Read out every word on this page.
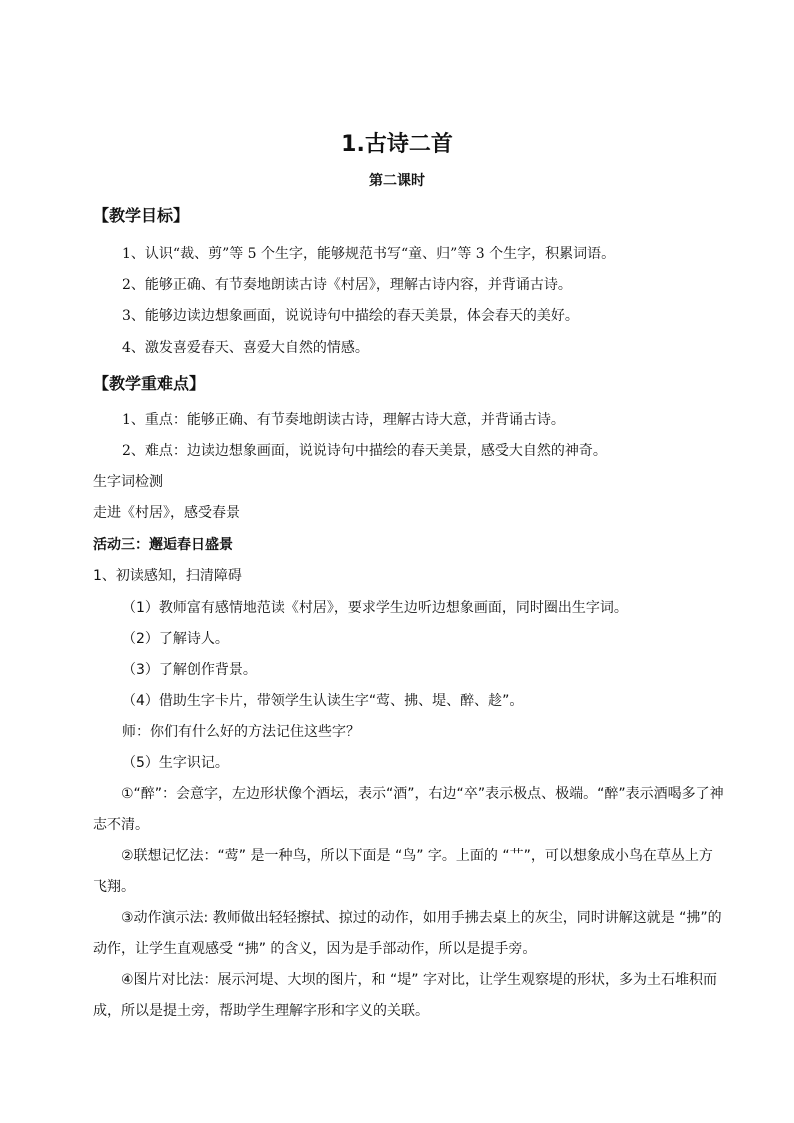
1.古诗二首
第二课时
【教学目标】
1、认识“裁、剪”等 5 个生字，能够规范书写“童、归”等 3 个生字，积累词语。
2、能够正确、有节奏地朗读古诗《村居》，理解古诗内容，并背诵古诗。
3、能够边读边想象画面，说说诗句中描绘的春天美景，体会春天的美好。
4、激发喜爱春天、喜爱大自然的情感。
【教学重难点】
1、重点：能够正确、有节奏地朗读古诗，理解古诗大意，并背诵古诗。
2、难点：边读边想象画面，说说诗句中描绘的春天美景，感受大自然的神奇。
生字词检测
走进《村居》，感受春景
活动三：邂逅春日盛景
1、初读感知，扫清障碍
（1）教师富有感情地范读《村居》，要求学生边听边想象画面，同时圈出生字词。
（2）了解诗人。
（3）了解创作背景。
（4）借助生字卡片，带领学生认读生字“莺、拂、堤、醉、趁”。
师：你们有什么好的方法记住这些字？
（5）生字识记。
①“醉”：会意字，左边形状像个酒坛，表示“酒”，右边“卒”表示极点、极端。“醉”表示酒喝多了神志不清。
②联想记忆法：“莺” 是一种鸟，所以下面是 “鸟” 字。上面的 “艹”，可以想象成小鸟在草丛上方飞翔。
③动作演示法: 教师做出轻轻擦拭、掠过的动作，如用手拂去桌上的灰尘，同时讲解这就是 “拂”的动作，让学生直观感受 “拂” 的含义，因为是手部动作，所以是提手旁。
④图片对比法：展示河堤、大坝的图片，和 “堤” 字对比，让学生观察堤的形状，多为土石堆积而成，所以是提土旁，帮助学生理解字形和字义的关联。
